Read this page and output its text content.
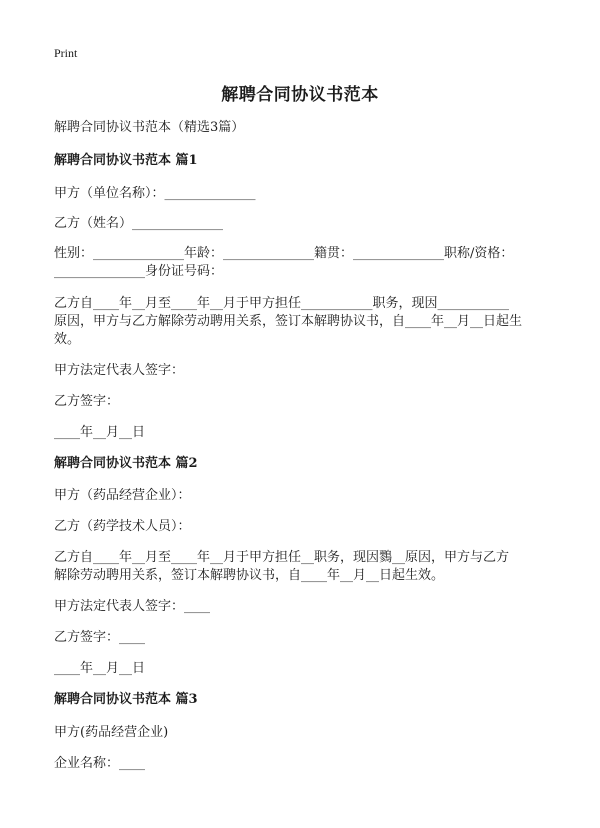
Print
解聘合同协议书范本
解聘合同协议书范本（精选3篇）
解聘合同协议书范本 篇1
甲方（单位名称）：______________
乙方（姓名）______________
性别：______________年龄：______________籍贯：______________职称/资格：
______________身份证号码：
乙方自____年__月至____年__月于甲方担任___________职务，现因___________
原因，甲方与乙方解除劳动聘用关系，签订本解聘协议书，自____年__月__日起生
效。
甲方法定代表人签字：
乙方签字：
____年__月__日
解聘合同协议书范本 篇2
甲方（药品经营企业）：
乙方（药学技术人员）：
乙方自____年__月至____年__月于甲方担任__职务，现因鷚__原因，甲方与乙方
解除劳动聘用关系，签订本解聘协议书，自____年__月__日起生效。
甲方法定代表人签字：____
乙方签字：____
____年__月__日
解聘合同协议书范本 篇3
甲方(药品经营企业)
企业名称：____
